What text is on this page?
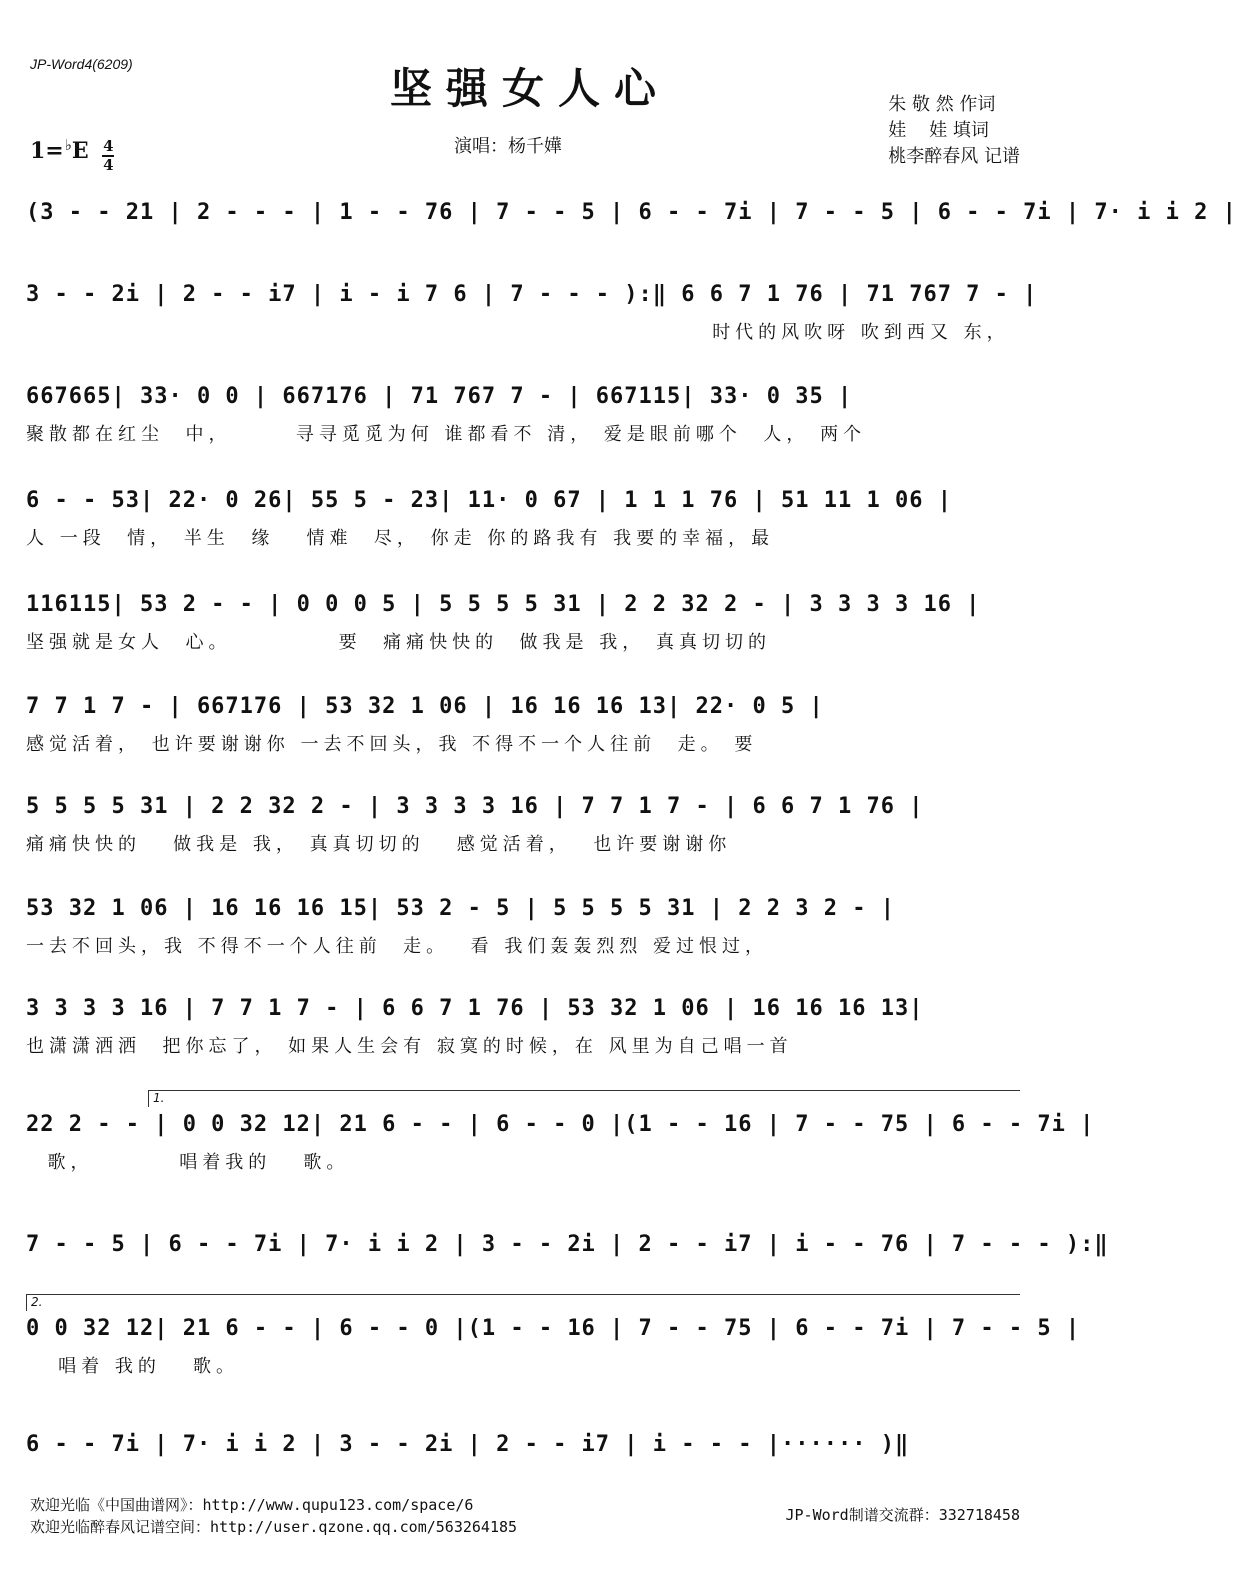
JP-Word4(6209)	坚强女人心
演唱：杨千嬅
朱 敬 然 作词
娃    娃 填词
桃李醉春风 记谱
$1=^♭E \frac{4}{4}$
(3 - - 21 | 2 - - - | 1 - - 76 | 7 - - 5 | 6 - - 7i | 7 - - 5 | 6 - - 7i | 7· i i 2 |
3 - - 2i | 2 - - i7 | i - i 7 6 | 7 - - - ):‖ 6 6 7 1 76 | 71 767 7 - |
时代的风吹呀 吹到西又 东，
667665| 33· 0 0 | 667176 | 71 767 7 - | 667115| 33· 0 35 |
聚散都在红尘  中，      寻寻觅觅为何 谁都看不 清， 爱是眼前哪个  人， 两个
6 - - 53| 22· 0 26| 55 5 - 23| 11· 0 67 | 1 1 1 76 | 51 11 1 06 |
人 一段  情， 半生  缘   情难  尽， 你走 你的路我有 我要的幸福，最
116115| 53 2 - - | 0 0 0 5 | 5 5 5 5 31 | 2 2 32 2 - | 3 3 3 3 16 |
坚强就是女人  心。          要  痛痛快快的  做我是 我， 真真切切的
7 7 1 7 - | 667176 | 53 32 1 06 | 16 16 16 13| 22· 0 5 |
感觉活着， 也许要谢谢你 一去不回头，我 不得不一个人往前  走。 要
5 5 5 5 31 | 2 2 32 2 - | 3 3 3 3 16 | 7 7 1 7 - | 6 6 7 1 76 |
痛痛快快的   做我是 我， 真真切切的   感觉活着，  也许要谢谢你
53 32 1 06 | 16 16 16 15| 53 2 - 5 | 5 5 5 5 31 | 2 2 3 2 - |
一去不回头，我 不得不一个人往前  走。  看 我们轰轰烈烈 爱过恨过，
3 3 3 3 16 | 7 7 1 7 - | 6 6 7 1 76 | 53 32 1 06 | 16 16 16 13|
也潇潇洒洒  把你忘了， 如果人生会有 寂寞的时候，在 风里为自己唱一首
1.
22 2 - - | 0 0 32 12| 21 6 - - | 6 - - 0 |(1 - - 16 | 7 - - 75 | 6 - - 7i |
歌，        唱着我的   歌。
7 - - 5 | 6 - - 7i | 7· i i 2 | 3 - - 2i | 2 - - i7 | i - - 76 | 7 - - - ):‖
2.
0 0 32 12| 21 6 - - | 6 - - 0 |(1 - - 16 | 7 - - 75 | 6 - - 7i | 7 - - 5 |
唱着 我的   歌。
6 - - 7i | 7· i i 2 | 3 - - 2i | 2 - - i7 | i - - - |······ )‖
欢迎光临《中国曲谱网》：http://www.qupu123.com/space/6
欢迎光临醉春风记谱空间：http://user.qzone.qq.com/563264185
JP-Word制谱交流群：332718458
